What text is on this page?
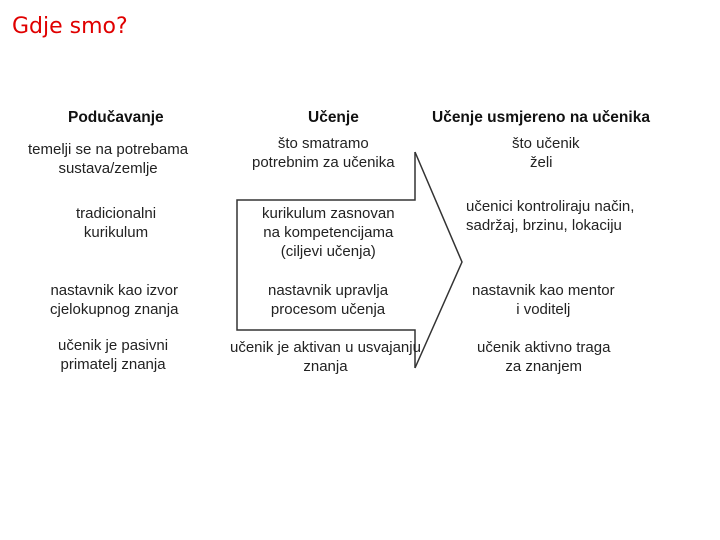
Gdje smo?
Podučavanje
temelji se na potrebama
sustava/zemlje
tradicionalni
kurikulum
nastavnik kao izvor
cjelokupnog znanja
učenik je pasivni
primatelj znanja
Učenje
što smatramo
potrebnim za učenika
kurikulum zasnovan
na kompetencijama
(ciljevi učenja)
nastavnik upravlja
procesom učenja
učenik je aktivan u usvajanju
znanja
Učenje usmjereno na učenika
što učenik
želi
učenici kontroliraju način,
sadržaj, brzinu, lokaciju
nastavnik kao mentor
i voditelj
učenik aktivno traga
za znanjem
